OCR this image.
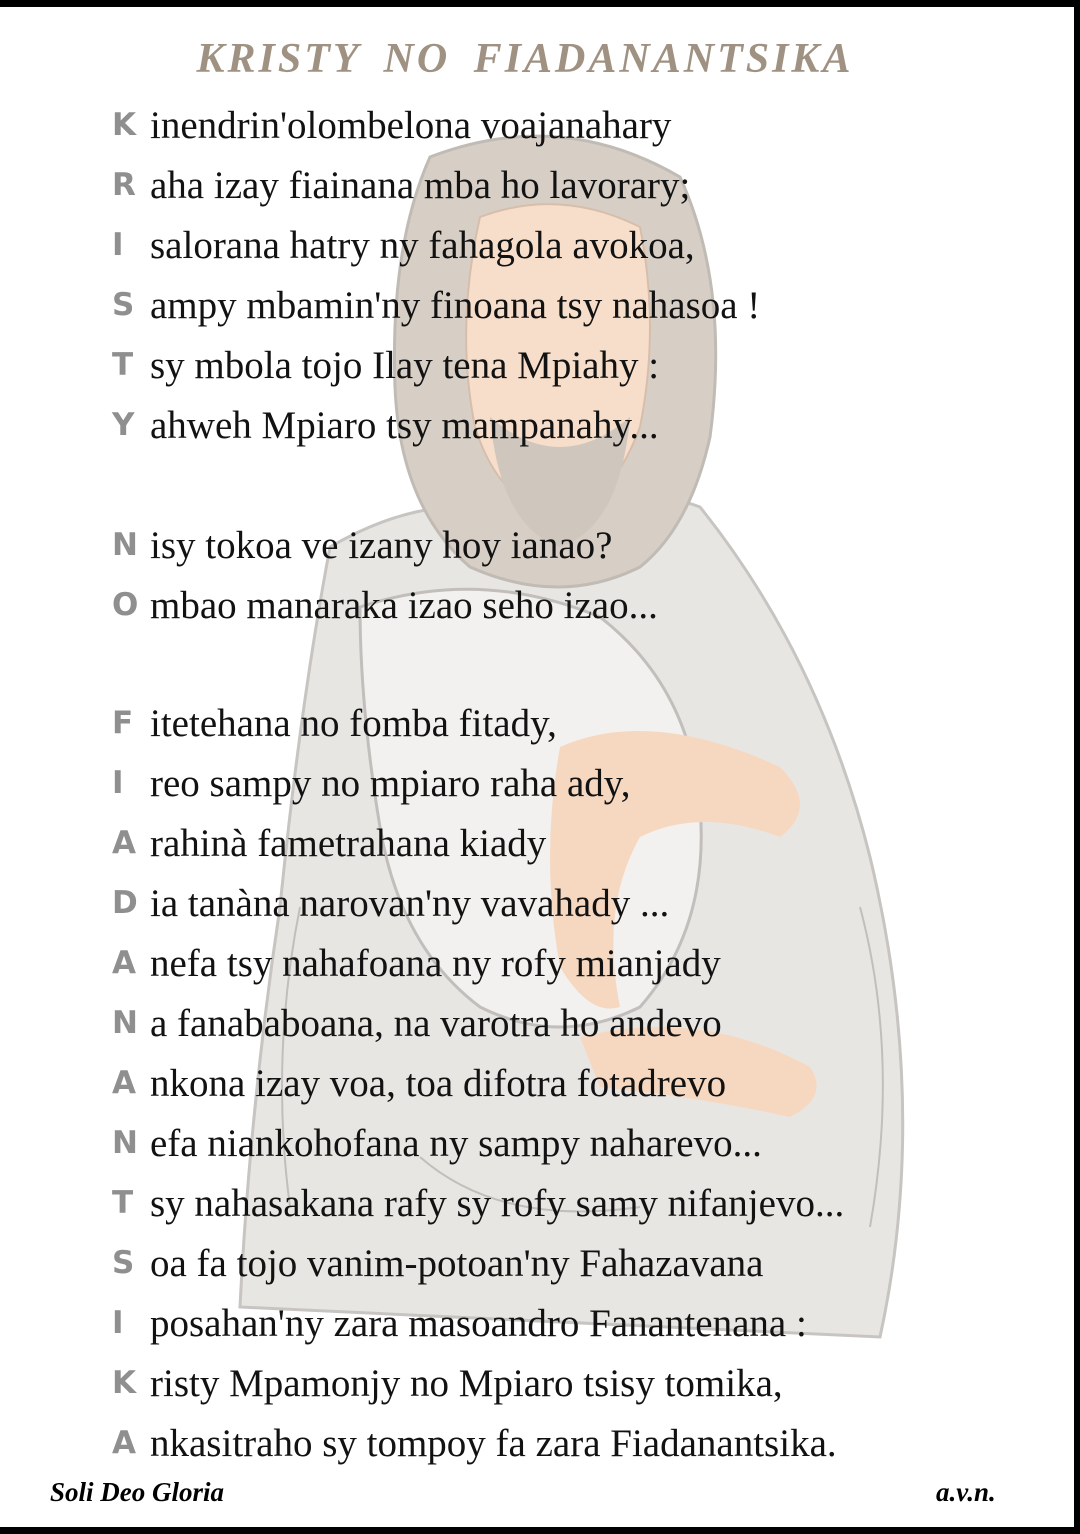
KRISTY NO FIADANANTSIKA
K inendrin'olombelona voajanahary
R aha izay fiainana mba ho lavorary;
I salorana hatry ny fahagola avokoa,
S ampy mbamin'ny finoana tsy nahasoa !
T sy mbola tojo Ilay tena Mpiahy :
Y ahweh Mpiaro tsy mampanahy...
N isy tokoa ve izany hoy ianao?
O mbao manaraka izao seho izao...
F itetehana no fomba fitady,
I reo sampy no mpiaro raha ady,
A rahinà fametrahana kiady
D ia tanàna narovan'ny vavahady ...
A nefa tsy nahafoana ny rofy mianjady
N a fanababoana, na varotra ho andevo
A nkona izay voa, toa difotra fotadrevo
N efa niankohofana ny sampy naharevo...
T sy nahasakana rafy sy rofy samy nifanjevo...
S oa fa tojo vanim-potoan'ny Fahazavana
I posahan'ny zara masoandro Fanantenana :
K risty Mpamonjy no Mpiaro tsisy tomika,
A nkasitraho sy tompoy fa zara Fiadanantsika.
Soli Deo Gloria	a.v.n.
